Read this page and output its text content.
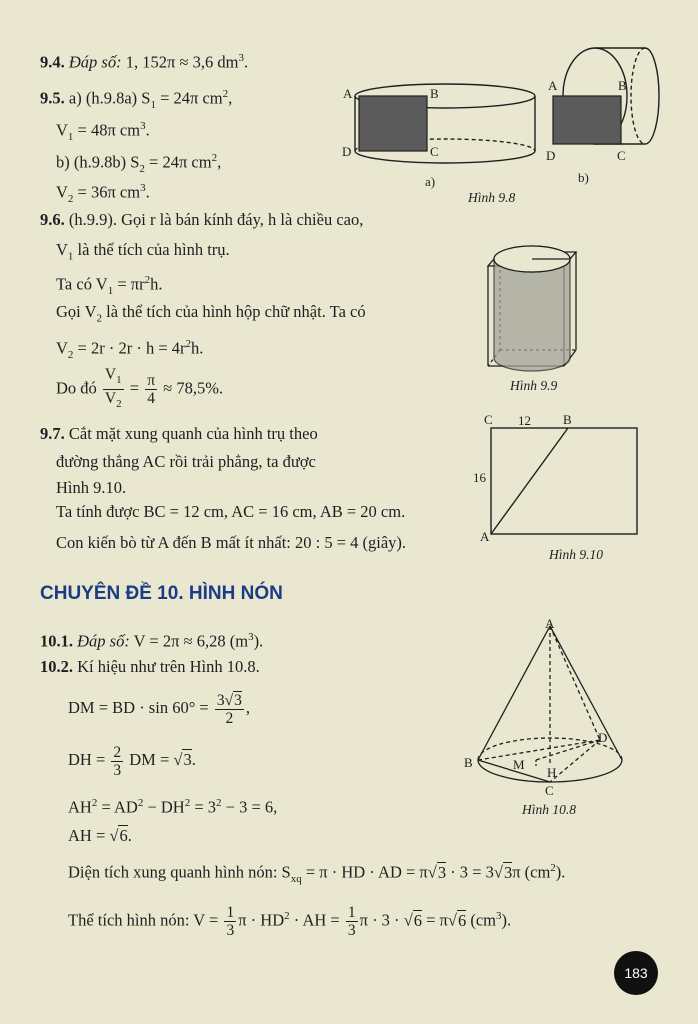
9.4. Đáp số: 1, 152π ≈ 3,6 $dm^3$.
9.5. a) (h.9.8a) $S_1 = 24\pi$ $cm^2$,
$V_1 = 48\pi$ $cm^3$.
b) (h.9.8b) $S_2 = 24\pi$ $cm^2$,
$V_2 = 36\pi$ $cm^3$.
9.6. (h.9.9). Gọi r là bán kính đáy, h là chiều cao,
$V_1$ là thể tích của hình trụ.
Ta có $V_1 = \pi r^2h$.
Gọi $V_2$ là thể tích của hình hộp chữ nhật. Ta có
$V_2 = 2r \cdot 2r \cdot h = 4r^2h$.
Do đó $\frac{V_1}{V_2} = \frac{\pi}{4} \approx 78,5\%$.
9.7. Cắt mặt xung quanh của hình trụ theo
đường thẳng AC rồi trải phẳng, ta được
Hình 9.10.
Ta tính được BC = 12 cm, AC = 16 cm, AB = 20 cm.
Con kiến bò từ A đến B mất ít nhất: 20 : 5 = 4 (giây).
CHUYÊN ĐỀ 10. HÌNH NÓN
10.1. Đáp số: V = 2π ≈ 6,28 $(m^3)$.
10.2. Kí hiệu như trên Hình 10.8.
DM = BD · $\sin 60^\circ = \frac{3√3}{2}$ ,
DH = $\frac{2}{3}$ DM = √3.
$AH^2 = AD^2 - DH^2 = 3^2 - 3 = 6$,
AH = √6.
Diện tích xung quanh hình nón: $S_{xq} = \pi$ · HD · AD = π√3 · 3 = 3√3π $(cm^2)$.
Thể tích hình nón: $V = \frac{1}{3}$ $\pi \cdot HD^2$ · AH = $\frac{1}{3}$ π · 3 · √6 = π√6 $(cm^3)$.
A	B
D	C
A	B
D	C
a)	b)
Hình 9.8
Hình 9.9
C	B
12
16
A
Hình 9.10
A
B
C
D
M
H
Hình 10.8
183
